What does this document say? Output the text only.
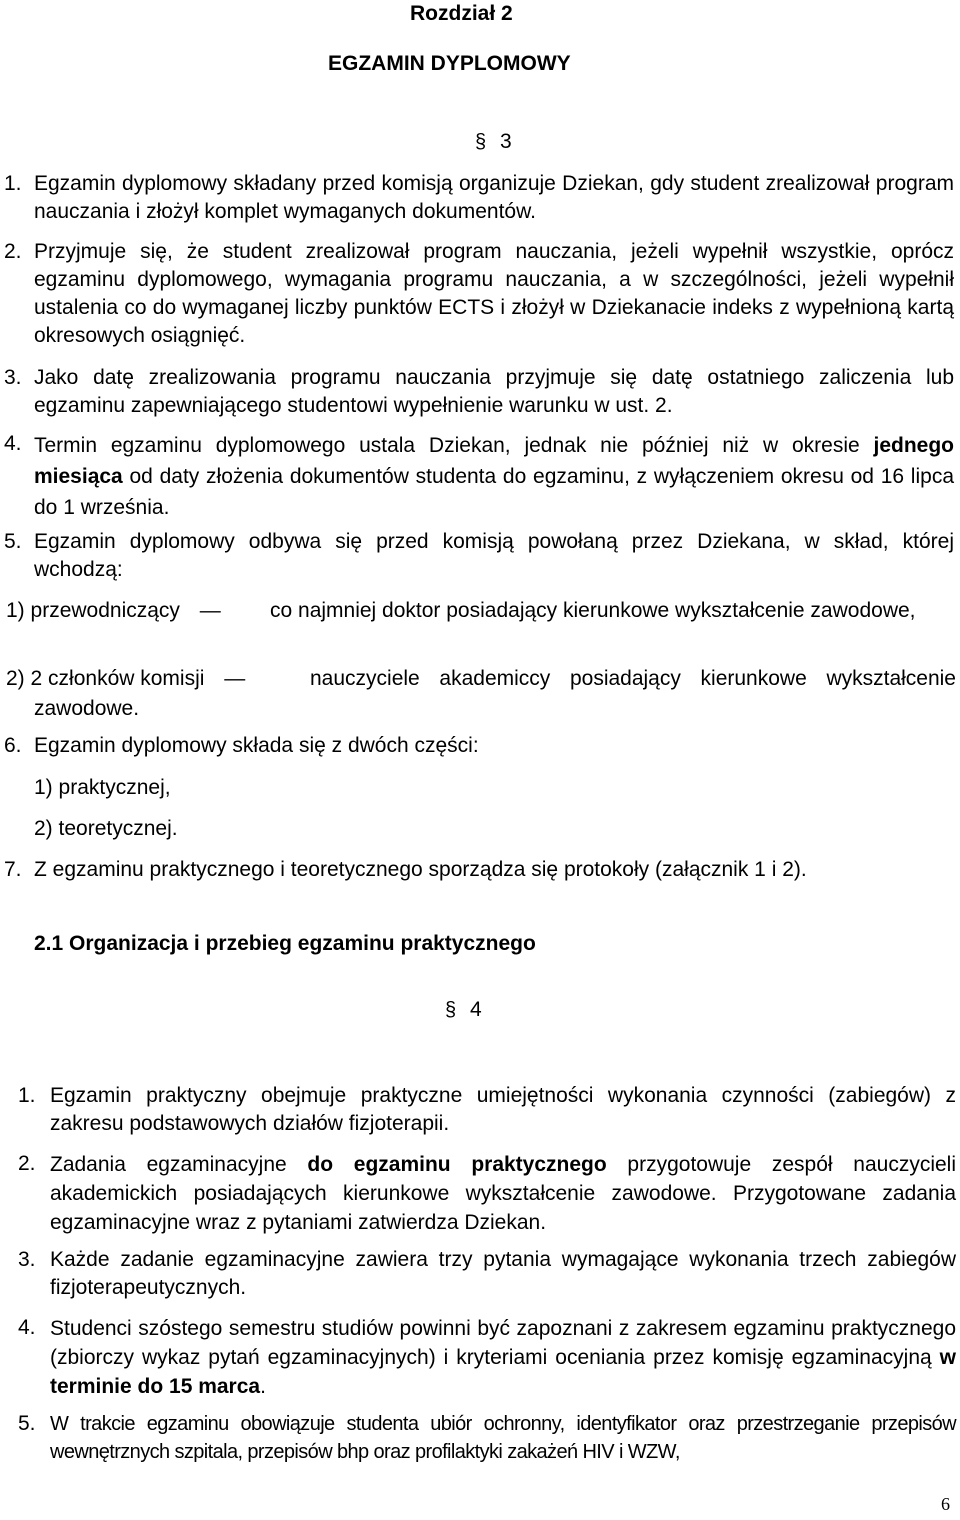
Rozdział 2
EGZAMIN DYPLOMOWY
§ 3
1. Egzamin dyplomowy składany przed komisją organizuje Dziekan, gdy student zrealizował program nauczania i złożył komplet wymaganych dokumentów.
2. Przyjmuje się, że student zrealizował program nauczania, jeżeli wypełnił wszystkie, oprócz egzaminu dyplomowego, wymagania programu nauczania, a w szczególności, jeżeli wypełnił ustalenia co do wymaganej liczby punktów ECTS i złożył w Dziekanacie indeks z wypełnioną kartą okresowych osiągnięć.
3. Jako datę zrealizowania programu nauczania przyjmuje się datę ostatniego zaliczenia lub egzaminu zapewniającego studentowi wypełnienie warunku w ust. 2.
4. Termin egzaminu dyplomowego ustala Dziekan, jednak nie później niż w okresie jednego miesiąca od daty złożenia dokumentów studenta do egzaminu, z wyłączeniem okresu od 16 lipca do 1 września.
5. Egzamin dyplomowy odbywa się przed komisją powołaną przez Dziekana, w skład, której wchodzą:
1) przewodniczący —	co najmniej doktor posiadający kierunkowe wykształcenie zawodowe,
2) 2 członków komisji —	nauczyciele akademiccy posiadający kierunkowe wykształcenie zawodowe.
6. Egzamin dyplomowy składa się z dwóch części:
1) praktycznej,
2) teoretycznej.
7. Z egzaminu praktycznego i teoretycznego sporządza się protokoły (załącznik 1 i 2).
2.1 Organizacja i przebieg egzaminu praktycznego
§ 4
1. Egzamin praktyczny obejmuje praktyczne umiejętności wykonania czynności (zabiegów) z zakresu podstawowych działów fizjoterapii.
2. Zadania egzaminacyjne do egzaminu praktycznego przygotowuje zespół nauczycieli akademickich posiadających kierunkowe wykształcenie zawodowe. Przygotowane zadania egzaminacyjne wraz z pytaniami zatwierdza Dziekan.
3. Każde zadanie egzaminacyjne zawiera trzy pytania wymagające wykonania trzech zabiegów fizjoterapeutycznych.
4. Studenci szóstego semestru studiów powinni być zapoznani z zakresem egzaminu praktycznego (zbiorczy wykaz pytań egzaminacyjnych) i kryteriami oceniania przez komisję egzaminacyjną w terminie do 15 marca.
5. W trakcie egzaminu obowiązuje studenta ubiór ochronny, identyfikator oraz przestrzeganie przepisów wewnętrznych szpitala, przepisów bhp oraz profilaktyki zakażeń HIV i WZW,
6
